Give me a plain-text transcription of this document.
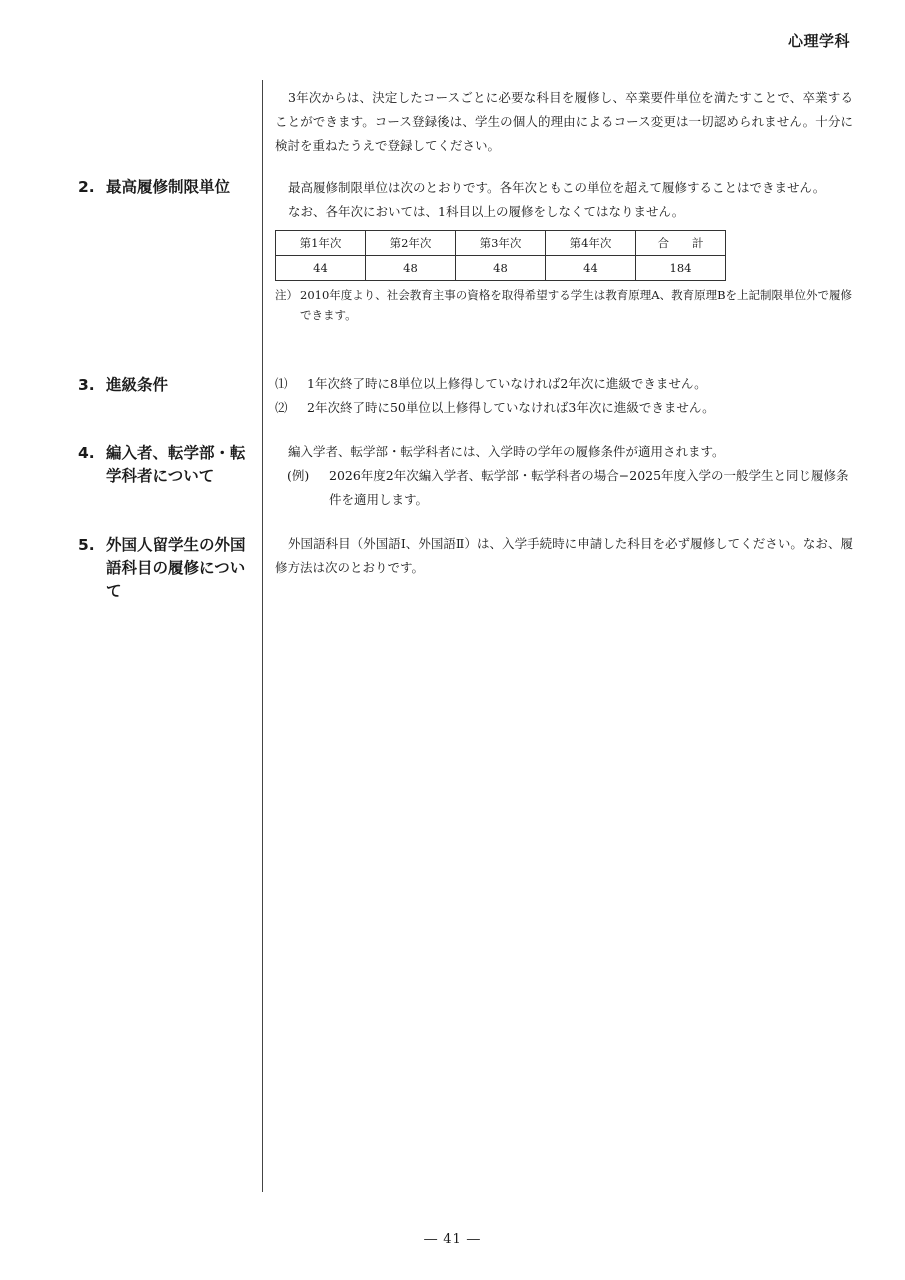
心理学科

3年次からは、決定したコースごとに必要な科目を履修し、卒業要件単位を満たすことで、卒業することができます。コース登録後は、学生の個人的理由によるコース変更は一切認められません。十分に検討を重ねたうえで登録してください。

2. 最高履修制限単位	最高履修制限単位は次のとおりです。各年次ともこの単位を超えて履修することはできません。

なお、各年次においては、1科目以上の履修をしなくてはなりません。

第1年次	第2年次	第3年次	第4年次	合　　計
44	48	48	44	184
注） 2010年度より、社会教育主事の資格を取得希望する学生は教育原理A、教育原理Bを上記制限単位外で履修できます。
3. 進級条件	⑴	1年次終了時に8単位以上修得していなければ2年次に進級できません。
⑵	2年次終了時に50単位以上修得していなければ3年次に進級できません。
4. 編入者、転学部・転学科者について

編入学者、転学部・転学科者には、入学時の学年の履修条件が適用されます。

(例)	2026年度2年次編入学者、転学部・転学科者の場合−2025年度入学の一般学生と同じ履修条件を適用します。
5. 外国人留学生の外国語科目の履修について

外国語科目（外国語Ⅰ、外国語Ⅱ）は、入学手続時に申請した科目を必ず履修してください。なお、履修方法は次のとおりです。

― 41 ―
